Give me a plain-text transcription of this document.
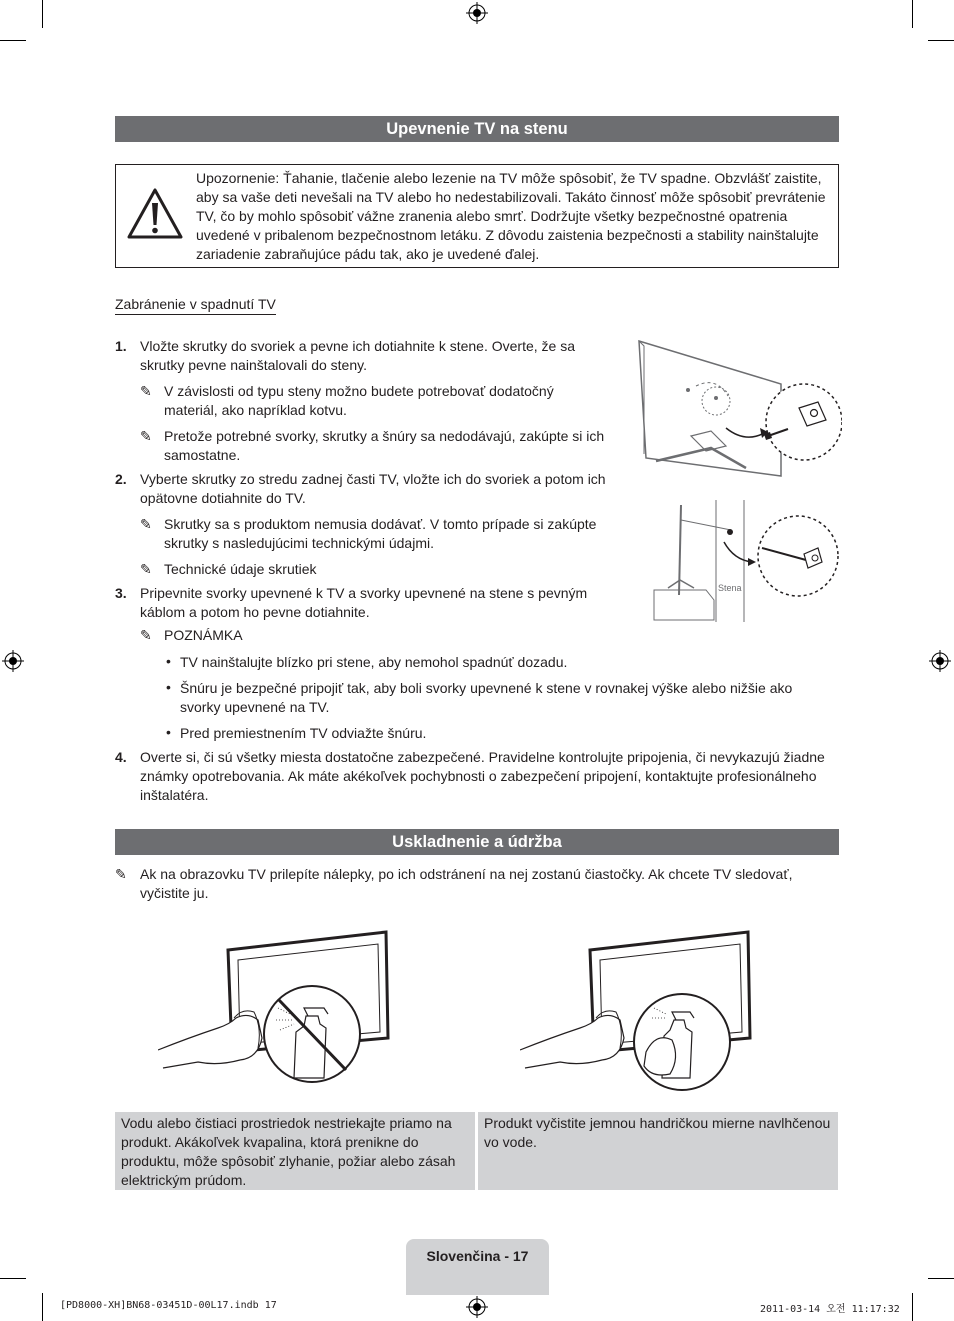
Upevnenie TV na stenu
Upozornenie: Ťahanie, tlačenie alebo lezenie na TV môže spôsobiť, že TV spadne. Obzvlášť zaistite, aby sa vaše deti nevešali na TV alebo ho nedestabilizovali. Takáto činnosť môže spôsobiť prevrátenie TV, čo by mohlo spôsobiť vážne zranenia alebo smrť. Dodržujte všetky bezpečnostné opatrenia uvedené v pribalenom bezpečnostnom letáku. Z dôvodu zaistenia bezpečnosti a stability nainštalujte zariadenie zabraňujúce pádu tak, ako je uvedené ďalej.
Zabránenie v spadnutí TV
1. Vložte skrutky do svoriek a pevne ich dotiahnite k stene. Overte, že sa skrutky pevne nainštalovali do steny.
✎ V závislosti od typu steny možno budete potrebovať dodatočný materiál, ako napríklad kotvu.
✎ Pretože potrebné svorky, skrutky a šnúry sa nedodávajú, zakúpte si ich samostatne.
2. Vyberte skrutky zo stredu zadnej časti TV, vložte ich do svoriek a potom ich opätovne dotiahnite do TV.
✎ Skrutky sa s produktom nemusia dodávať. V tomto prípade si zakúpte skrutky s nasledujúcimi technickými údajmi.
✎ Technické údaje skrutiek
3. Pripevnite svorky upevnené k TV a svorky upevnené na stene s pevným káblom a potom ho pevne dotiahnite.
✎ POZNÁMKA
• TV nainštalujte blízko pri stene, aby nemohol spadnúť dozadu.
• Šnúru je bezpečné pripojiť tak, aby boli svorky upevnené k stene v rovnakej výške alebo nižšie ako svorky upevnené na TV.
• Pred premiestnením TV odviažte šnúru.
4. Overte si, či sú všetky miesta dostatočne zabezpečené. Pravidelne kontrolujte pripojenia, či nevykazujú žiadne známky opotrebovania. Ak máte akékoľvek pochybnosti o zabezpečení pripojení, kontaktujte profesionálneho inštalatéra.
Stena
Uskladnenie a údržba
✎ Ak na obrazovku TV prilepíte nálepky, po ich odstránení na nej zostanú čiastočky. Ak chcete TV sledovať, vyčistite ju.
Vodu alebo čistiaci prostriedok nestriekajte priamo na produkt. Akákoľvek kvapalina, ktorá prenikne do produktu, môže spôsobiť zlyhanie, požiar alebo zásah elektrickým prúdom.
Produkt vyčistite jemnou handričkou mierne navlhčenou vo vode.
Slovenčina - 17
[PD8000-XH]BN68-03451D-00L17.indb 17	2011-03-14 오전 11:17:32
